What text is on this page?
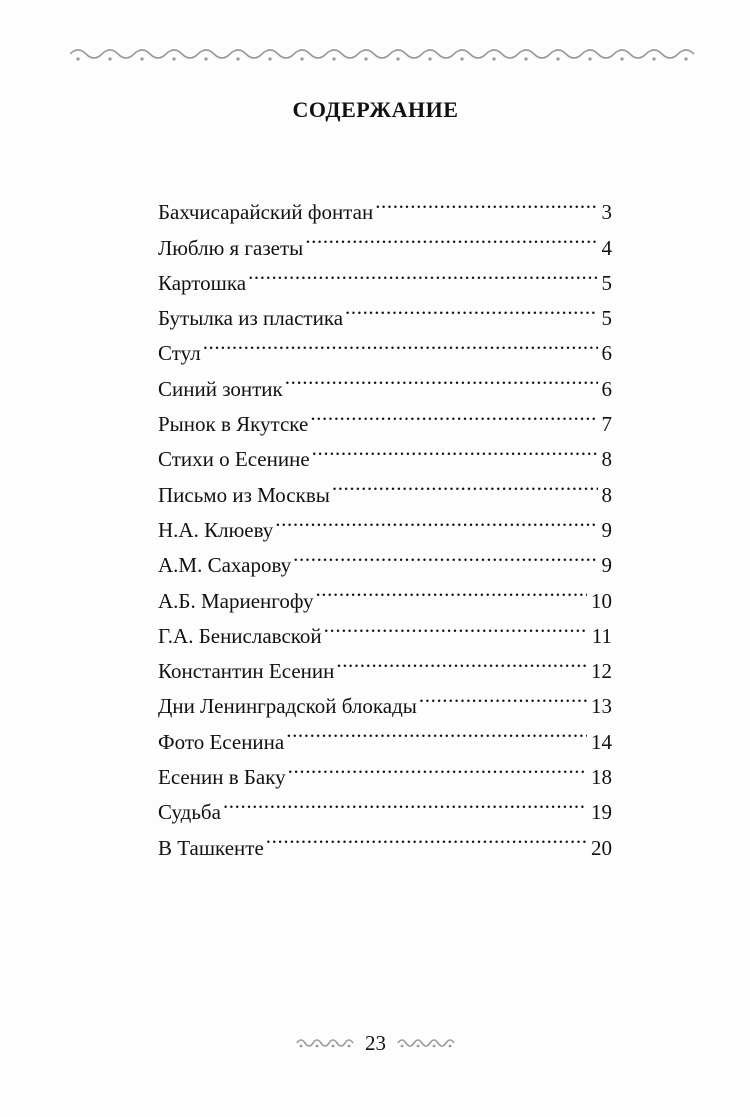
СОДЕРЖАНИЕ
Бахчисарайский фонтан .....	3
Люблю я газеты .....	4
Картошка .....	5
Бутылка из пластика .....	5
Стул .....	6
Синий зонтик .....	6
Рынок в Якутске .....	7
Стихи о Есенине .....	8
Письмо из Москвы .....	8
Н.А. Клюеву .....	9
А.М. Сахарову .....	9
А.Б. Мариенгофу .....	10
Г.А. Бениславской .....	11
Константин Есенин .....	12
Дни Ленинградской блокады .....	13
Фото Есенина .....	14
Есенин в Баку .....	18
Судьба .....	19
В Ташкенте .....	20
23
